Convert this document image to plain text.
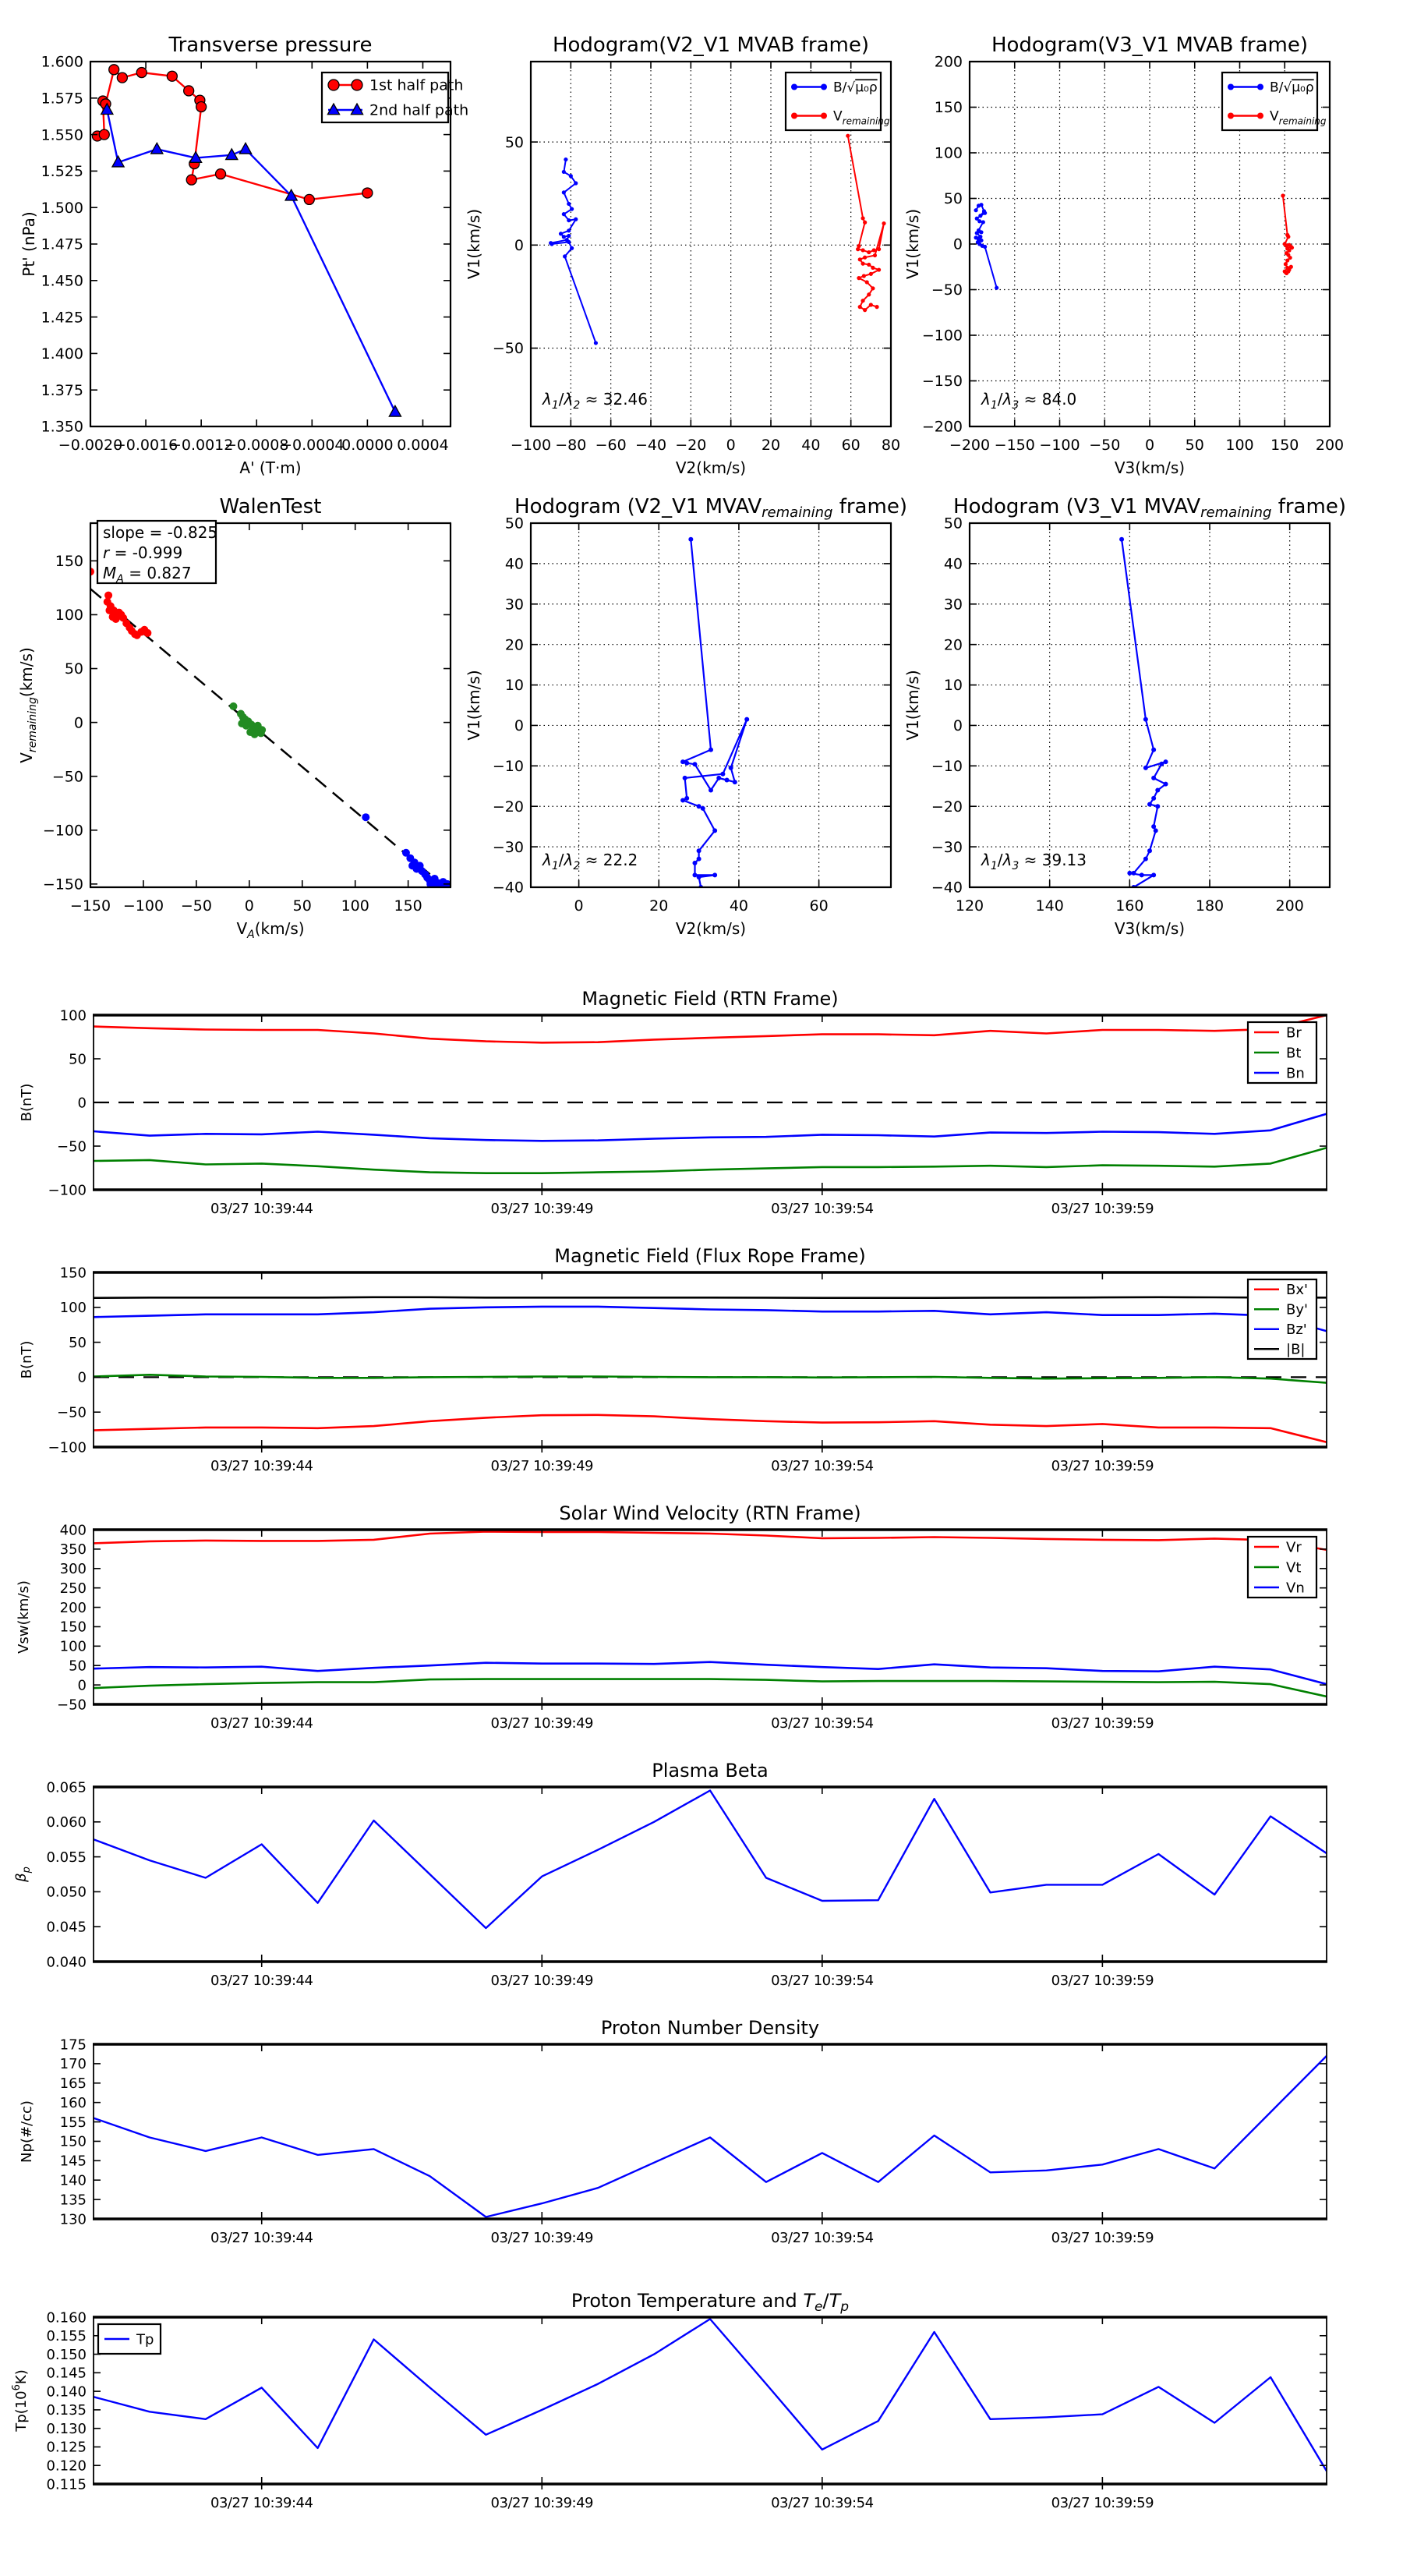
−0.0020
−0.0016
−0.0012
−0.0008
−0.0004
0.0000 0.0004
1.350
1.375
1.400
1.425
1.450
1.475
1.500
1.525
1.550
1.575
1.600
Transverse pressure
A' (T·m)
Pt' (nPa)
1st half path
2nd half path
−100 −80 −60 −40 −20 0 20 40 60 80
−50
0
50
Hodogram(V2_V1 MVAB frame)
V2(km/s)
V1(km/s)
B/√μ₀ρ
$V_{remaining}$
$\lambda_1/\lambda_2 \approx 32.46$
−200 −150 −100 −50 0 50 100 150 200
−200
−150
−100
−50
0
50
100
150
200
Hodogram(V3_V1 MVAB frame)
V3(km/s)
V1(km/s)
B/√μ₀ρ
$V_{remaining}$
$\lambda_1/\lambda_3 \approx 84.0$
−150 −100 −50 0	50 100 150
−150
−100
−50
0
50
100
150
WalenTest
$V_A(km/s)$
$V_{remaining}(km/s)$
slope = -0.825
r = -0.999
$M_A = 0.827$
0	20	40	60
−40
−30
−20
−10
0
10
20
30
40
50
Hodogram (V2_V1 MVAVremaining frame)
V2(km/s)
V1(km/s)
$\lambda_1/\lambda_2 \approx 22.2$
120	140	160	180	200
−40
−30
−20
−10
0
10
20
30
40
50
Hodogram (V3_V1 MVAVremaining frame)
V3(km/s)
V1(km/s)
$\lambda_1/\lambda_3 \approx 39.13$
03/27 10:39:44	03/27 10:39:49	03/27 10:39:54	03/27 10:39:59
−100
−50
0
50
100
Magnetic Field (RTN Frame)
B(nT)
Br
Bt
Bn
03/27 10:39:44	03/27 10:39:49	03/27 10:39:54	03/27 10:39:59
−100
−50
0
50
100
150
Magnetic Field (Flux Rope Frame)
B(nT)
Bx'
By'
Bz'
|B|
03/27 10:39:44	03/27 10:39:49	03/27 10:39:54	03/27 10:39:59
−50
0
50
100
150
200
250
300
350
400
Solar Wind Velocity (RTN Frame)
Vsw(km/s)
Vr
Vt
Vn
03/27 10:39:44	03/27 10:39:49	03/27 10:39:54	03/27 10:39:59
0.040
0.045
0.050
0.055
0.060
0.065
Plasma Beta
$\beta_p$
03/27 10:39:44	03/27 10:39:49	03/27 10:39:54	03/27 10:39:59
130
135
140
145
150
155
160
165
170
175
Proton Number Density
Np(#/cc)
03/27 10:39:44	03/27 10:39:49	03/27 10:39:54	03/27 10:39:59
0.115
0.120
0.125
0.130
0.135
0.140
0.145
0.150
0.155
0.160
Proton Temperature and $T_e/T_p$
$Tp(10^6K)$
Tp
